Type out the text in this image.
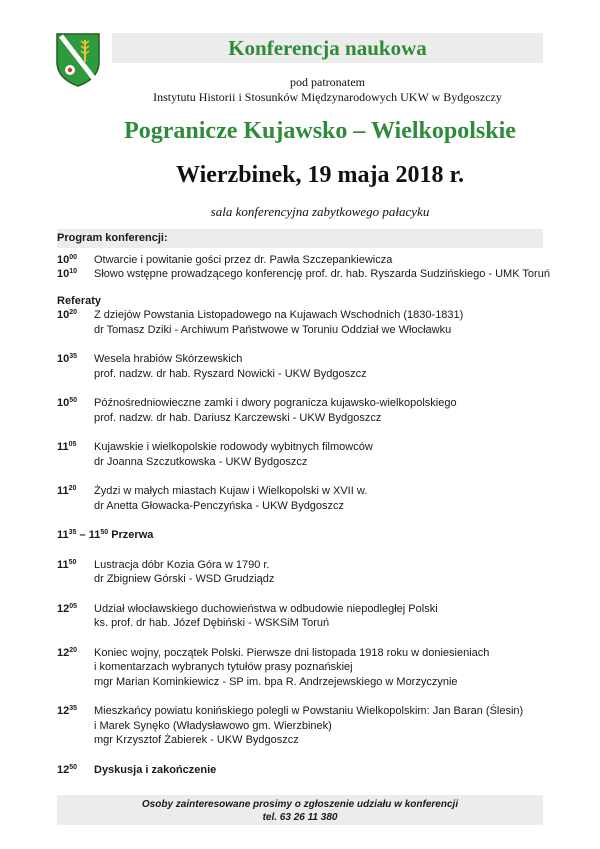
Konferencja naukowa
pod patronatem
Instytutu Historii i Stosunków Międzynarodowych UKW w Bydgoszczy
Pogranicze Kujawsko – Wielkopolskie
Wierzbinek, 19 maja 2018 r.
sala konferencyjna zabytkowego pałacyku
Program konferencji:
$10^{00}$	Otwarcie i powitanie gości przez dr. Pawła Szczepankiewicza
$10^{10}$	Słowo wstępne prowadzącego konferencję prof. dr. hab. Ryszarda Sudzińskiego - UMK Toruń
Referaty
$10^{20}$	Z dziejów Powstania Listopadowego na Kujawach Wschodnich (1830-1831)
dr Tomasz Dziki - Archiwum Państwowe w Toruniu Oddział we Włocławku
$10^{35}$	Wesela hrabiów Skórzewskich
prof. nadzw. dr hab. Ryszard Nowicki - UKW Bydgoszcz
$10^{50}$	Późnośredniowieczne zamki i dwory pogranicza kujawsko-wielkopolskiego
prof. nadzw. dr hab. Dariusz Karczewski - UKW Bydgoszcz
$11^{05}$	Kujawskie i wielkopolskie rodowody wybitnych filmowców
dr Joanna Szczutkowska - UKW Bydgoszcz
$11^{20}$	Żydzi w małych miastach Kujaw i Wielkopolski w XVII w.
dr Anetta Głowacka-Penczyńska - UKW Bydgoszcz
$11^{35} - 11^{50}$ Przerwa
$11^{50}$	Lustracja dóbr Kozia Góra w 1790 r.
dr Zbigniew Górski - WSD Grudziądz
$12^{05}$	Udział włocławskiego duchowieństwa w odbudowie niepodległej Polski
ks. prof. dr hab. Józef Dębiński - WSKSiM Toruń
$12^{20}$	Koniec wojny, początek Polski. Pierwsze dni listopada 1918 roku w doniesieniach
i komentarzach wybranych tytułów prasy poznańskiej
mgr Marian Kominkiewicz - SP im. bpa R. Andrzejewskiego w Morzyczynie
$12^{35}$	Mieszkańcy powiatu konińskiego polegli w Powstaniu Wielkopolskim: Jan Baran (Ślesin)
i Marek Synęko (Władysławowo gm. Wierzbinek)
mgr Krzysztof Żabierek - UKW Bydgoszcz
$12^{50}$	Dyskusja i zakończenie
Osoby zainteresowane prosimy o zgłoszenie udziału w konferencji
tel. 63 26 11 380
